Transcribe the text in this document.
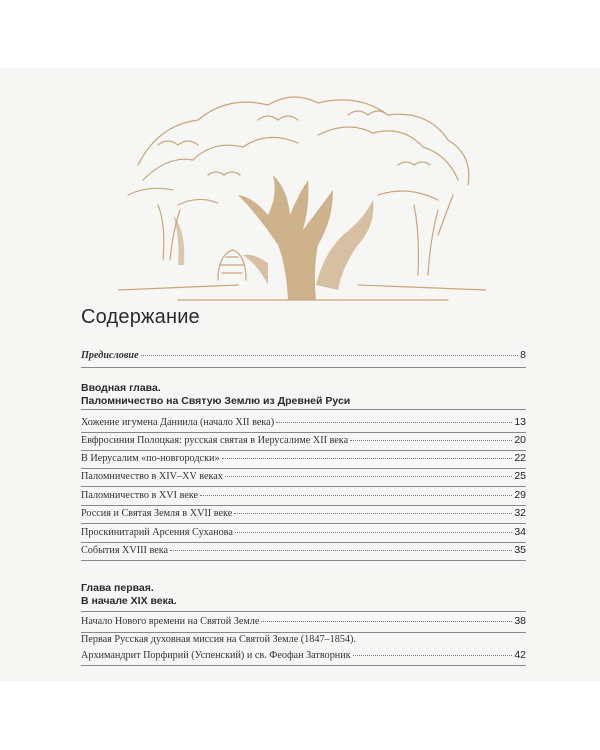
Содержание
Предисловие	8
Вводная глава.
Паломничество на Святую Землю из Древней Руси
Хожение игумена Даниила (начало XII века)	13
Евфросиния Полоцкая: русская святая в Иерусалиме XII века	20
В Иерусалим «по-новгородски»	22
Паломничество в XIV–XV веках	25
Паломничество в XVI веке	29
Россия и Святая Земля в XVII веке	32
Проскинитарий Арсения Суханова	34
События XVIII века	35
Глава первая.
В начале XIX века.
Начало Нового времени на Святой Земле	38
Первая Русская духовная миссия на Святой Земле (1847–1854).
Архимандрит Порфирий (Успенский) и св. Феофан Затворник	42
